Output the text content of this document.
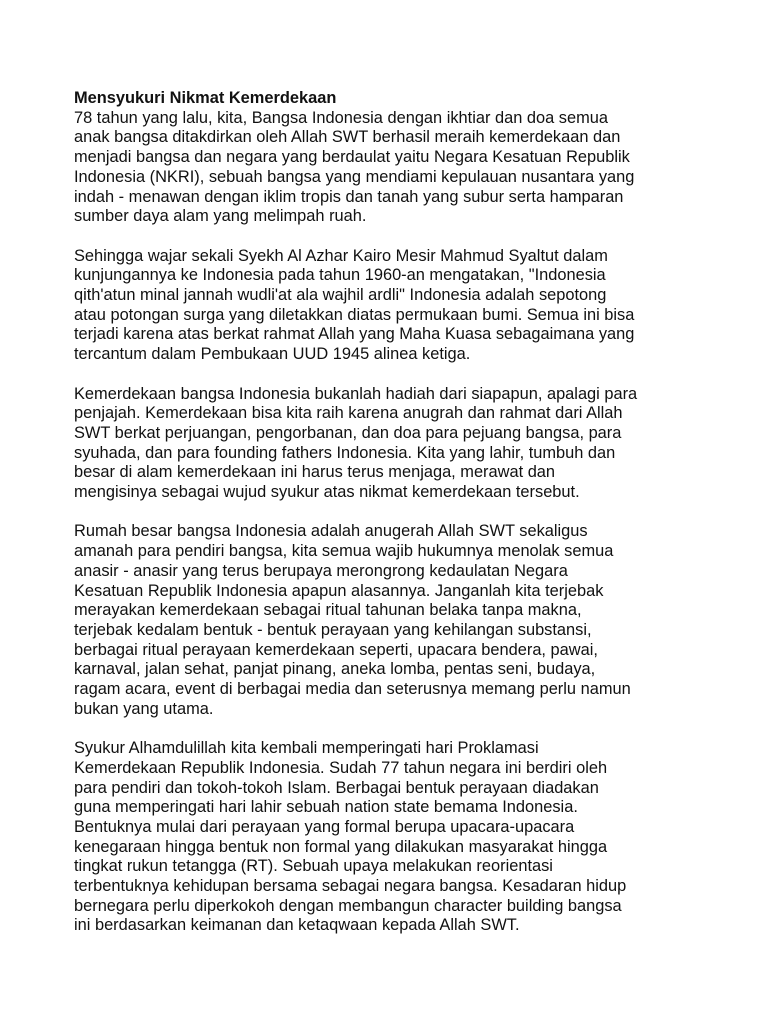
Mensyukuri Nikmat Kemerdekaan

78 tahun yang lalu, kita, Bangsa Indonesia dengan ikhtiar dan doa semua
anak bangsa ditakdirkan oleh Allah SWT berhasil meraih kemerdekaan dan
menjadi bangsa dan negara yang berdaulat yaitu Negara Kesatuan Republik
Indonesia (NKRI), sebuah bangsa yang mendiami kepulauan nusantara yang
indah - menawan dengan iklim tropis dan tanah yang subur serta hamparan
sumber daya alam yang melimpah ruah.

Sehingga wajar sekali Syekh Al Azhar Kairo Mesir Mahmud Syaltut dalam
kunjungannya ke Indonesia pada tahun 1960-an mengatakan, "Indonesia
qith'atun minal jannah wudli'at ala wajhil ardli" Indonesia adalah sepotong
atau potongan surga yang diletakkan diatas permukaan bumi. Semua ini bisa
terjadi karena atas berkat rahmat Allah yang Maha Kuasa sebagaimana yang
tercantum dalam Pembukaan UUD 1945 alinea ketiga.

Kemerdekaan bangsa Indonesia bukanlah hadiah dari siapapun, apalagi para
penjajah. Kemerdekaan bisa kita raih karena anugrah dan rahmat dari Allah
SWT berkat perjuangan, pengorbanan, dan doa para pejuang bangsa, para
syuhada, dan para founding fathers Indonesia. Kita yang lahir, tumbuh dan
besar di alam kemerdekaan ini harus terus menjaga, merawat dan
mengisinya sebagai wujud syukur atas nikmat kemerdekaan tersebut.

Rumah besar bangsa Indonesia adalah anugerah Allah SWT sekaligus
amanah para pendiri bangsa, kita semua wajib hukumnya menolak semua
anasir - anasir yang terus berupaya merongrong kedaulatan Negara
Kesatuan Republik Indonesia apapun alasannya. Janganlah kita terjebak
merayakan kemerdekaan sebagai ritual tahunan belaka tanpa makna,
terjebak kedalam bentuk - bentuk perayaan yang kehilangan substansi,
berbagai ritual perayaan kemerdekaan seperti, upacara bendera, pawai,
karnaval, jalan sehat, panjat pinang, aneka lomba, pentas seni, budaya,
ragam acara, event di berbagai media dan seterusnya memang perlu namun
bukan yang utama.

Syukur Alhamdulillah kita kembali memperingati hari Proklamasi
Kemerdekaan Republik Indonesia. Sudah 77 tahun negara ini berdiri oleh
para pendiri dan tokoh-tokoh Islam. Berbagai bentuk perayaan diadakan
guna memperingati hari lahir sebuah nation state bemama Indonesia.
Bentuknya mulai dari perayaan yang formal berupa upacara-upacara
kenegaraan hingga bentuk non formal yang dilakukan masyarakat hingga
tingkat rukun tetangga (RT). Sebuah upaya melakukan reorientasi
terbentuknya kehidupan bersama sebagai negara bangsa. Kesadaran hidup
bernegara perlu diperkokoh dengan membangun character building bangsa
ini berdasarkan keimanan dan ketaqwaan kepada Allah SWT.
